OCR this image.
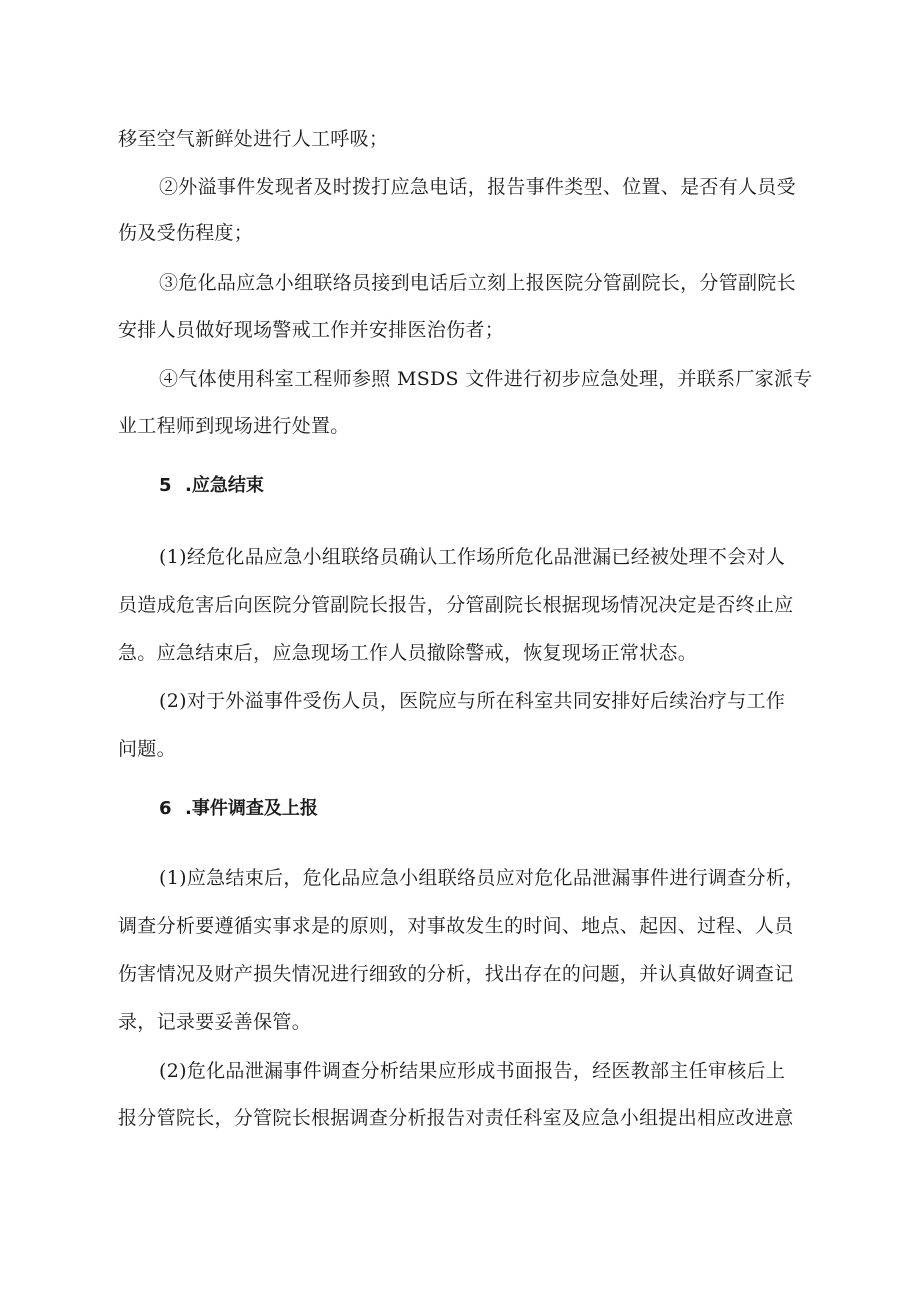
移至空气新鲜处进行人工呼吸；
②外溢事件发现者及时拨打应急电话，报告事件类型、位置、是否有人员受
伤及受伤程度；
③危化品应急小组联络员接到电话后立刻上报医院分管副院长，分管副院长
安排人员做好现场警戒工作并安排医治伤者；
④气体使用科室工程师参照 MSDS 文件进行初步应急处理，并联系厂家派专
业工程师到现场进行处置。
5 .应急结束
(1)经危化品应急小组联络员确认工作场所危化品泄漏已经被处理不会对人
员造成危害后向医院分管副院长报告，分管副院长根据现场情况决定是否终止应
急。应急结束后，应急现场工作人员撤除警戒，恢复现场正常状态。
(2)对于外溢事件受伤人员，医院应与所在科室共同安排好后续治疗与工作
问题。
6 .事件调查及上报
(1)应急结束后，危化品应急小组联络员应对危化品泄漏事件进行调查分析，
调查分析要遵循实事求是的原则，对事故发生的时间、地点、起因、过程、人员
伤害情况及财产损失情况进行细致的分析，找出存在的问题，并认真做好调查记
录，记录要妥善保管。
(2)危化品泄漏事件调查分析结果应形成书面报告，经医教部主任审核后上
报分管院长，分管院长根据调查分析报告对责任科室及应急小组提出相应改进意
